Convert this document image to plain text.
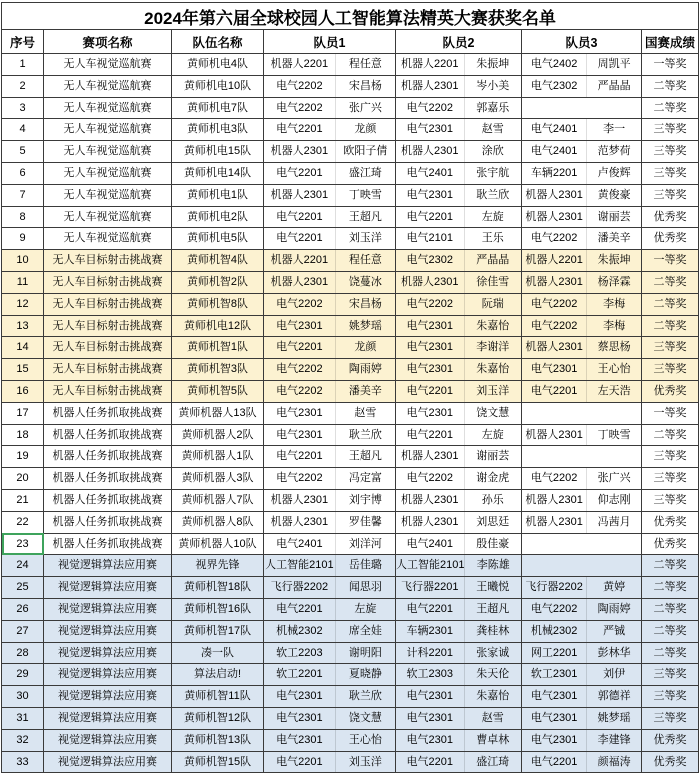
2024年第六届全球校园人工智能算法精英大赛获奖名单						
序号	赛项名称	队伍名称	队员1	队员2	队员3	国赛成绩
1	无人车视觉巡航赛	黄师机电4队	机器人2201 程任意	机器人2201 朱振坤	电气2402 周凯平	一等奖
2	无人车视觉巡航赛	黄师机电10队	电气2202 宋昌杨	机器人2301 岑小美	电气2302 严晶晶	二等奖
3	无人车视觉巡航赛	黄师机电7队	电气2202 张广兴	电气2202 郭嘉乐		二等奖
4	无人车视觉巡航赛	黄师机电3队	电气2201 龙颜	电气2301 赵雪	电气2401 李一	三等奖
5	无人车视觉巡航赛	黄师机电15队	机器人2301 欧阳子倩	机器人2301 涂欣	电气2401 范梦荷	三等奖
6	无人车视觉巡航赛	黄师机电14队	电气2201 盛江琦	电气2401 张宇航	车辆2201 卢俊辉	三等奖
7	无人车视觉巡航赛	黄师机电1队	机器人2301 丁映雪	电气2301 耿兰欣	机器人2301 黄俊豪	三等奖
8	无人车视觉巡航赛	黄师机电2队	电气2201 王超凡	电气2201 左旋	机器人2301 谢丽芸	优秀奖
9	无人车视觉巡航赛	黄师机电5队	电气2201 刘玉洋	电气2101 王乐	电气2202 潘美辛	优秀奖
10	无人车目标射击挑战赛	黄师机智4队	机器人2201 程任意	电气2302 严晶晶	机器人2201 朱振坤	一等奖
11	无人车目标射击挑战赛	黄师机智2队	机器人2301 饶蔓冰	机器人2301 徐佳雪	机器人2301 杨泽霖	二等奖
12	无人车目标射击挑战赛	黄师机智8队	电气2202 宋昌杨	电气2202 阮瑞	电气2202 李梅	二等奖
13	无人车目标射击挑战赛	黄师机电12队	电气2301 姚梦瑶	电气2301 朱嘉怡	电气2202 李梅	二等奖
14	无人车目标射击挑战赛	黄师机智1队	电气2201 龙颜	电气2301 李谢洋	机器人2301 蔡思杨	三等奖
15	无人车目标射击挑战赛	黄师机智3队	电气2202 陶雨婷	电气2301 朱嘉怡	电气2301 王心怡	三等奖
16	无人车目标射击挑战赛	黄师机智5队	电气2202 潘美辛	电气2201 刘玉洋	电气2201 左天浩	优秀奖
17	机器人任务抓取挑战赛	黄师机器人13队	电气2301 赵雪	电气2301 饶文慧		一等奖
18	机器人任务抓取挑战赛	黄师机器人2队	电气2301 耿兰欣	电气2201 左旋	机器人2301 丁映雪	二等奖
19	机器人任务抓取挑战赛	黄师机器人1队	电气2201 王超凡	机器人2301 谢丽芸		三等奖
20	机器人任务抓取挑战赛	黄师机器人3队	电气2202 冯定富	电气2202 谢金虎	电气2202 张广兴	三等奖
21	机器人任务抓取挑战赛	黄师机器人7队	机器人2301 刘宇博	机器人2301 孙乐	机器人2301 仰志刚	三等奖
22	机器人任务抓取挑战赛	黄师机器人8队	机器人2301 罗佳馨	机器人2301 刘思廷	机器人2301 冯茜月	优秀奖
23	机器人任务抓取挑战赛	黄师机器人10队	电气2401 刘洋河	电气2401 殷佳豪		优秀奖
24	视觉逻辑算法应用赛	视界先锋	人工智能2101 岳佳璐	人工智能2101 李陈雄		二等奖
25	视觉逻辑算法应用赛	黄师机智18队	飞行器2202 闻思羽	飞行器2201 王曦悦	飞行器2202 黄婷	二等奖
26	视觉逻辑算法应用赛	黄师机智16队	电气2201 左旋	电气2201 王超凡	电气2202 陶雨婷	二等奖
27	视觉逻辑算法应用赛	黄师机智17队	机械2302 席全娃	车辆2301 龚桂林	机械2302 严铖	二等奖
28	视觉逻辑算法应用赛	凑一队	软工2203 谢明阳	计科2201 张家诚	网工2201 彭林华	二等奖
29	视觉逻辑算法应用赛	算法启动!	软工2201 夏晓静	软工2303 朱天伦	软工2301 刘伊	三等奖
30	视觉逻辑算法应用赛	黄师机智11队	电气2301 耿兰欣	电气2301 朱嘉怡	电气2301 郭德祥	三等奖
31	视觉逻辑算法应用赛	黄师机智12队	电气2301 饶文慧	电气2301 赵雪	电气2301 姚梦瑶	三等奖
32	视觉逻辑算法应用赛	黄师机智13队	电气2301 王心怡	电气2301 曹卓林	电气2301 李建锋	优秀奖
33	视觉逻辑算法应用赛	黄师机智15队	电气2201 刘玉洋	电气2201 盛江琦	电气2201 颜福涛	优秀奖
